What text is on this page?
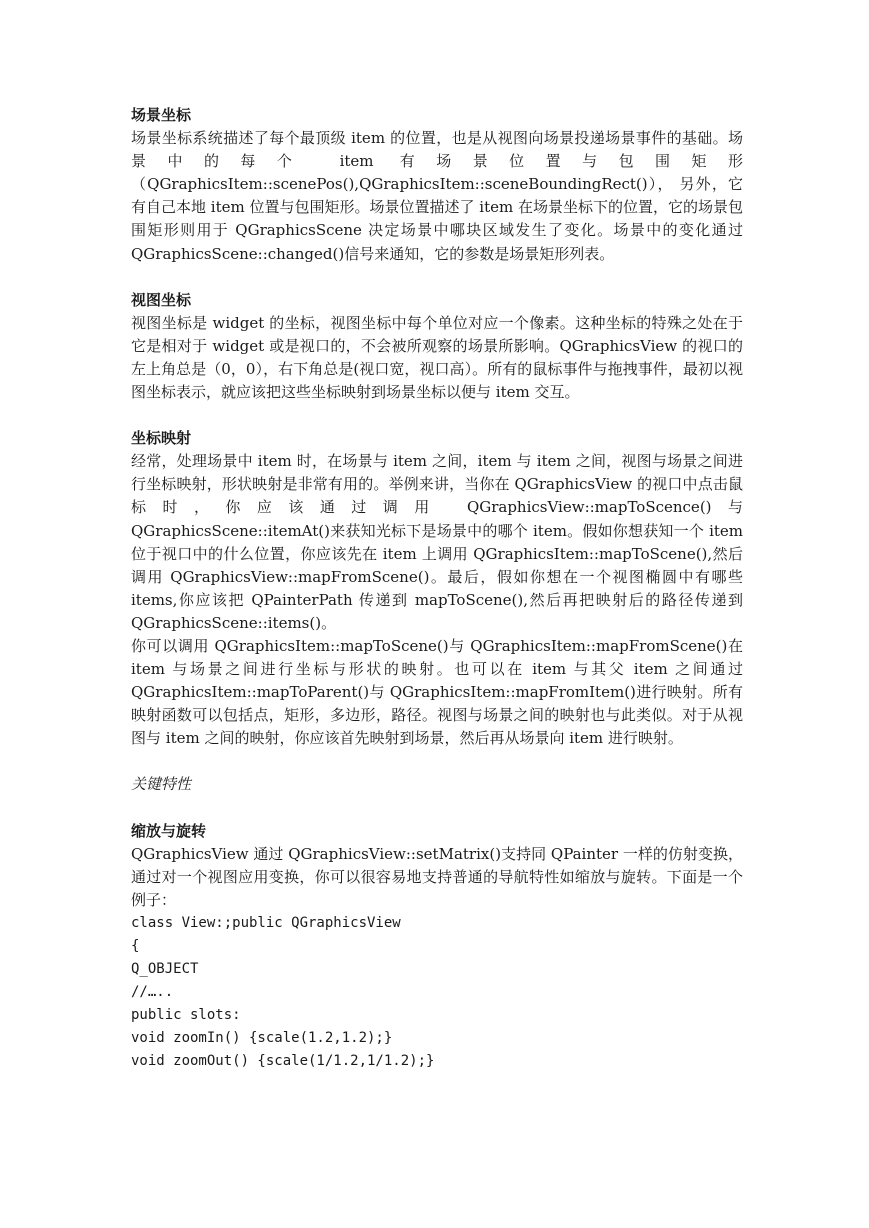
场景坐标
场景坐标系统描述了每个最顶级 item 的位置，也是从视图向场景投递场景事件的基础。场景中的每个 item 有场景位置与包围矩形（QGraphicsItem::scenePos(),QGraphicsItem::sceneBoundingRect()）， 另外，它有自己本地 item 位置与包围矩形。场景位置描述了 item 在场景坐标下的位置，它的场景包围矩形则用于 QGraphicsScene 决定场景中哪块区域发生了变化。场景中的变化通过 QGraphicsScene::changed()信号来通知，它的参数是场景矩形列表。
视图坐标
视图坐标是 widget 的坐标，视图坐标中每个单位对应一个像素。这种坐标的特殊之处在于它是相对于 widget 或是视口的，不会被所观察的场景所影响。QGraphicsView 的视口的左上角总是（0，0），右下角总是(视口宽，视口高）。所有的鼠标事件与拖拽事件，最初以视图坐标表示，就应该把这些坐标映射到场景坐标以便与 item 交互。
坐标映射
经常，处理场景中 item 时，在场景与 item 之间，item 与 item 之间，视图与场景之间进行坐标映射，形状映射是非常有用的。举例来讲，当你在 QGraphicsView 的视口中点击鼠标时，你应该通过调用 QGraphicsView::mapToScence()与 QGraphicsScene::itemAt()来获知光标下是场景中的哪个 item。假如你想获知一个 item 位于视口中的什么位置，你应该先在 item 上调用 QGraphicsItem::mapToScene(),然后调用 QGraphicsView::mapFromScene()。最后，假如你想在一个视图椭圆中有哪些 items,你应该把 QPainterPath 传递到 mapToScene(),然后再把映射后的路径传递到 QGraphicsScene::items()。
你可以调用 QGraphicsItem::mapToScene()与 QGraphicsItem::mapFromScene()在 item 与场景之间进行坐标与形状的映射。也可以在 item 与其父 item 之间通过 QGraphicsItem::mapToParent()与 QGraphicsItem::mapFromItem()进行映射。所有映射函数可以包括点，矩形，多边形，路径。视图与场景之间的映射也与此类似。对于从视图与 item 之间的映射，你应该首先映射到场景，然后再从场景向 item 进行映射。
关键特性
缩放与旋转
QGraphicsView 通过 QGraphicsView::setMatrix()支持同 QPainter 一样的仿射变换，通过对一个视图应用变换，你可以很容易地支持普通的导航特性如缩放与旋转。下面是一个例子：
class View:;public QGraphicsView
{
Q_OBJECT
//…..
public slots:
void zoomIn() {scale(1.2,1.2);}
void zoomOut() {scale(1/1.2,1/1.2);}
